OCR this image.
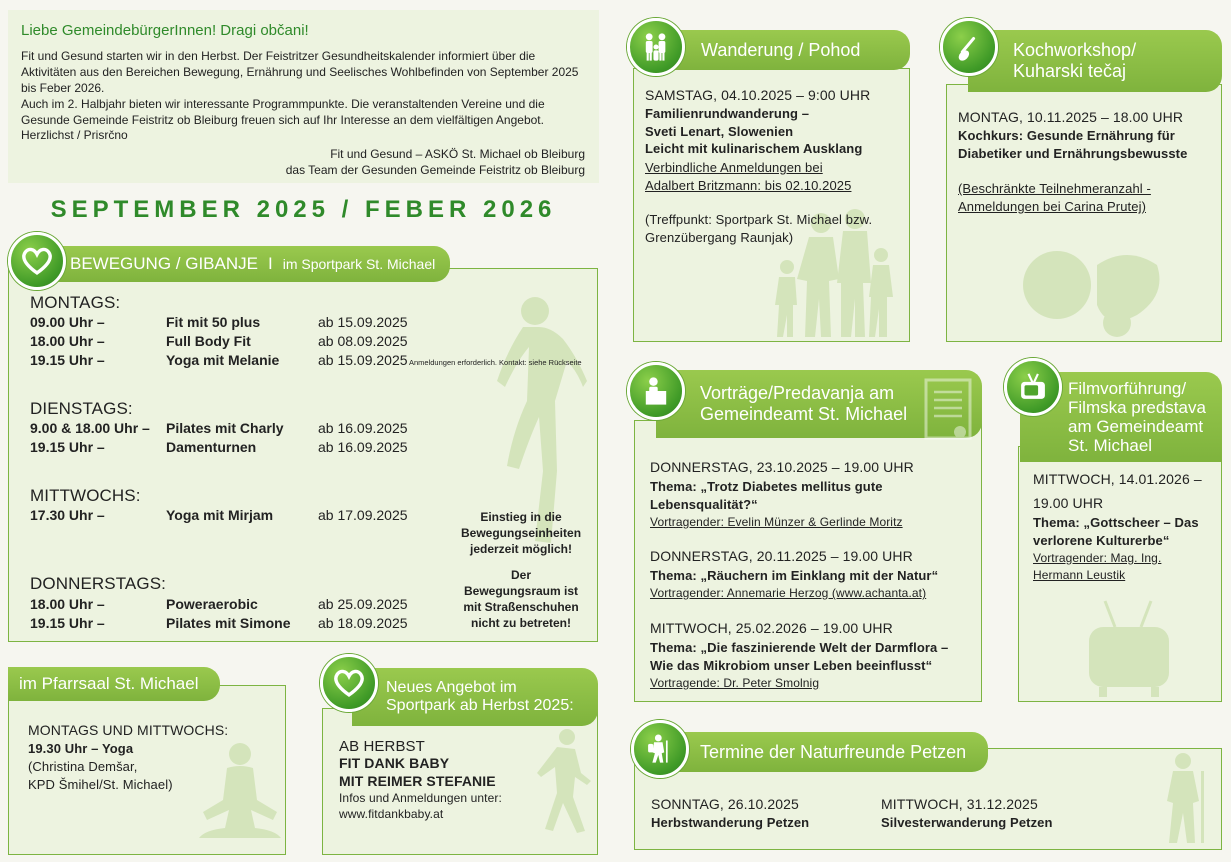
Liebe GemeindebürgerInnen! Dragi občani!
Fit und Gesund starten wir in den Herbst. Der Feistritzer Gesundheitskalender informiert über die Aktivitäten aus den Bereichen Bewegung, Ernährung und Seelisches Wohlbefinden von September 2025 bis Feber 2026.
Auch im 2. Halbjahr bieten wir interessante Programmpunkte. Die veranstaltenden Vereine und die Gesunde Gemeinde Feistritz ob Bleiburg freuen sich auf Ihr Interesse an dem vielfältigen Angebot.
Herzlichst / Prisrčno
Fit und Gesund – ASKÖ St. Michael ob Bleiburg
das Team der Gesunden Gemeinde Feistritz ob Bleiburg
SEPTEMBER 2025 / FEBER 2026
MONTAGS:
09.00 Uhr –	Fit mit 50 plus	ab 15.09.2025
18.00 Uhr –	Full Body Fit	ab 08.09.2025
19.15 Uhr –	Yoga mit Melanie	ab 15.09.2025 Anmeldungen erforderlich. Kontakt: siehe Rückseite
DIENSTAGS:
9.00 & 18.00 Uhr – Pilates mit Charly ab 16.09.2025
19.15 Uhr –	Damenturnen	ab 16.09.2025
MITTWOCHS:
17.30 Uhr –	Yoga mit Mirjam	ab 17.09.2025
DONNERSTAGS:
18.00 Uhr –	Poweraerobic	ab 25.09.2025
19.15 Uhr –	Pilates mit Simone ab 18.09.2025
Einstieg in die Bewegungseinheiten jederzeit möglich!
Der Bewegungsraum ist mit Straßenschuhen nicht zu betreten!
BEWEGUNG / GIBANJE I im Sportpark St. Michael
MONTAGS UND MITTWOCHS:
19.30 Uhr – Yoga
(Christina Demšar,
KPD Šmihel/St. Michael)
im Pfarrsaal St. Michael
AB HERBST
FIT DANK BABY
MIT REIMER STEFANIE
Infos und Anmeldungen unter:
www.fitdankbaby.at
Neues Angebot im
Sportpark ab Herbst 2025:
SAMSTAG, 04.10.2025 – 9:00 UHR
Familienrundwanderung –
Sveti Lenart, Slowenien
Leicht mit kulinarischem Ausklang
Verbindliche Anmeldungen bei
Adalbert Britzmann: bis 02.10.2025
(Treffpunkt: Sportpark St. Michael bzw.
Grenzübergang Raunjak)
Wanderung / Pohod
MONTAG, 10.11.2025 – 18.00 UHR
Kochkurs: Gesunde Ernährung für
Diabetiker und Ernährungsbewusste
(Beschränkte Teilnehmeranzahl -
Anmeldungen bei Carina Prutej)
Kochworkshop/
Kuharski tečaj
DONNERSTAG, 23.10.2025 – 19.00 UHR
Thema: „Trotz Diabetes mellitus gute
Lebensqualität?“
Vortragender: Evelin Münzer & Gerlinde Moritz
DONNERSTAG, 20.11.2025 – 19.00 UHR
Thema: „Räuchern im Einklang mit der Natur“
Vortragender: Annemarie Herzog (www.achanta.at)
MITTWOCH, 25.02.2026 – 19.00 UHR
Thema: „Die faszinierende Welt der Darmflora –
Wie das Mikrobiom unser Leben beeinflusst“
Vortragende: Dr. Peter Smolnig
Vorträge/Predavanja am
Gemeindeamt St. Michael
MITTWOCH, 14.01.2026 –
19.00 UHR
Thema: „Gottscheer – Das
verlorene Kulturerbe“
Vortragender: Mag. Ing.
Hermann Leustik
Filmvorführung/
Filmska predstava
am Gemeindeamt
St. Michael
SONNTAG, 26.10.2025
Herbstwanderung Petzen
MITTWOCH, 31.12.2025
Silvesterwanderung Petzen
Termine der Naturfreunde Petzen
